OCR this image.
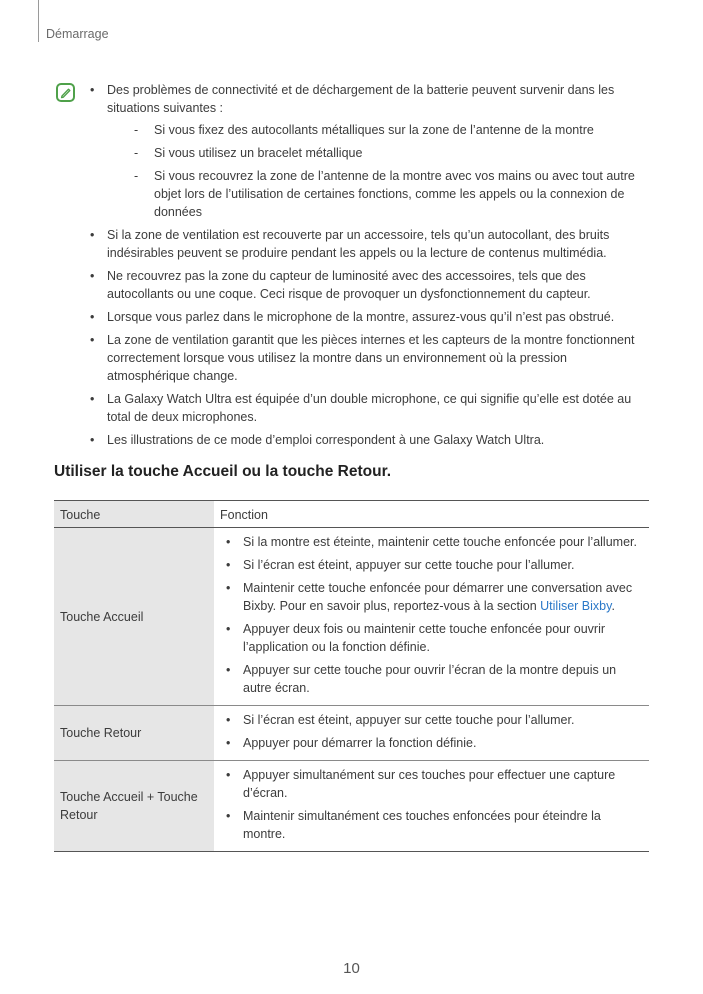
Démarrage
• Des problèmes de connectivité et de déchargement de la batterie peuvent survenir dans les situations suivantes :
- Si vous fixez des autocollants métalliques sur la zone de l’antenne de la montre
- Si vous utilisez un bracelet métallique
- Si vous recouvrez la zone de l’antenne de la montre avec vos mains ou avec tout autre objet lors de l’utilisation de certaines fonctions, comme les appels ou la connexion de données
• Si la zone de ventilation est recouverte par un accessoire, tels qu’un autocollant, des bruits indésirables peuvent se produire pendant les appels ou la lecture de contenus multimédia.
• Ne recouvrez pas la zone du capteur de luminosité avec des accessoires, tels que des autocollants ou une coque. Ceci risque de provoquer un dysfonctionnement du capteur.
• Lorsque vous parlez dans le microphone de la montre, assurez-vous qu’il n’est pas obstrué.
• La zone de ventilation garantit que les pièces internes et les capteurs de la montre fonctionnent correctement lorsque vous utilisez la montre dans un environnement où la pression atmosphérique change.
• La Galaxy Watch Ultra est équipée d’un double microphone, ce qui signifie qu’elle est dotée au total de deux microphones.
• Les illustrations de ce mode d’emploi correspondent à une Galaxy Watch Ultra.
Utiliser la touche Accueil ou la touche Retour.
Touche	Fonction
Touche Accueil	• Si la montre est éteinte, maintenir cette touche enfoncée pour l’allumer.
• Si l’écran est éteint, appuyer sur cette touche pour l’allumer.
• Maintenir cette touche enfoncée pour démarrer une conversation avec Bixby. Pour en savoir plus, reportez-vous à la section Utiliser Bixby.
• Appuyer deux fois ou maintenir cette touche enfoncée pour ouvrir l’application ou la fonction définie.
• Appuyer sur cette touche pour ouvrir l’écran de la montre depuis un autre écran.

Touche Retour	• Si l’écran est éteint, appuyer sur cette touche pour l’allumer.
• Appuyer pour démarrer la fonction définie.

Touche Accueil + Touche Retour	• Appuyer simultanément sur ces touches pour effectuer une capture d’écran.
• Maintenir simultanément ces touches enfoncées pour éteindre la montre.
10
